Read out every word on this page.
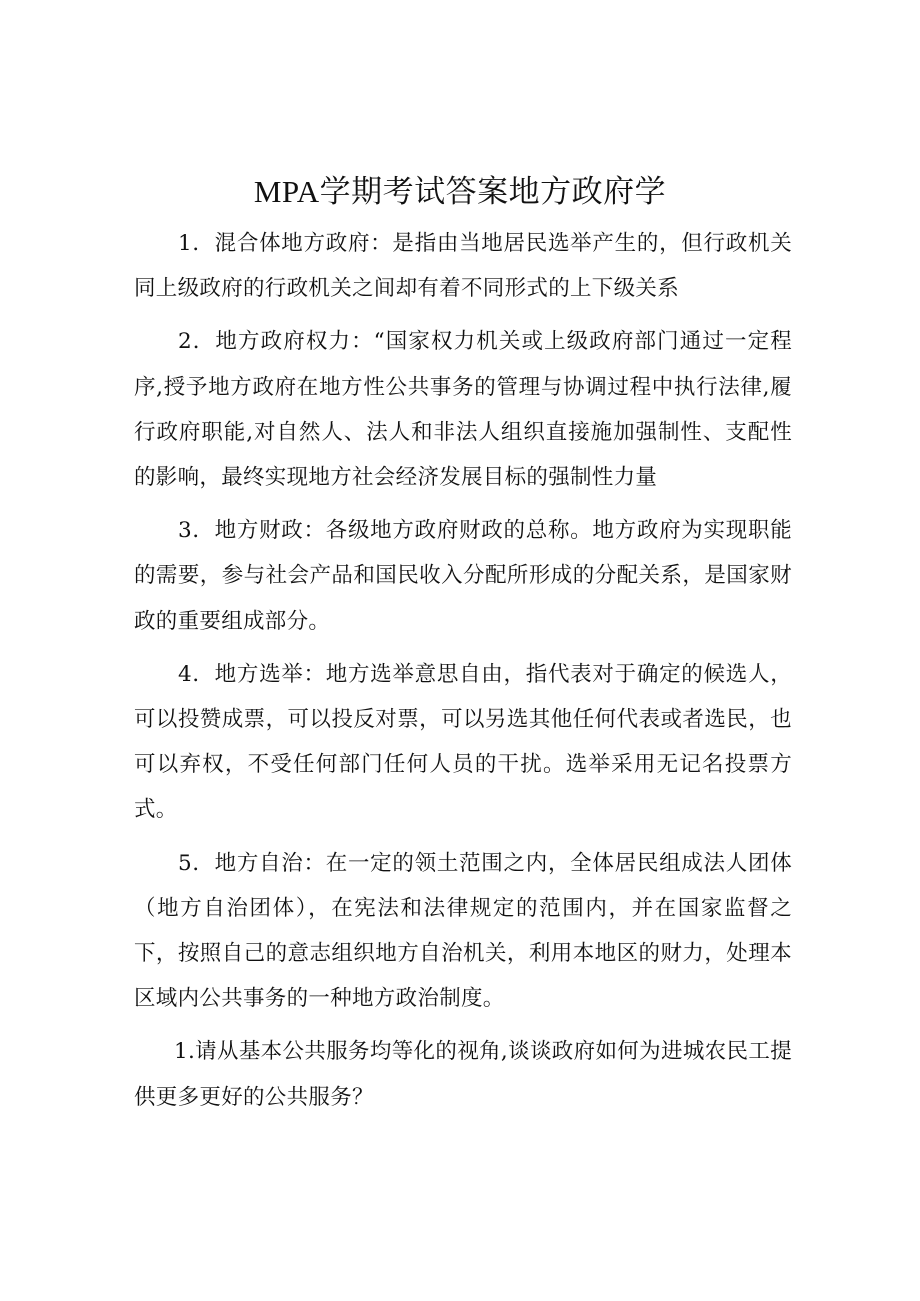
MPA学期考试答案地方政府学

1．混合体地方政府：是指由当地居民选举产生的，但行政机关同上级政府的行政机关之间却有着不同形式的上下级关系

2．地方政府权力：“国家权力机关或上级政府部门通过一定程序,授予地方政府在地方性公共事务的管理与协调过程中执行法律,履行政府职能,对自然人、法人和非法人组织直接施加强制性、支配性的影响，最终实现地方社会经济发展目标的强制性力量

3．地方财政：各级地方政府财政的总称。地方政府为实现职能的需要，参与社会产品和国民收入分配所形成的分配关系，是国家财政的重要组成部分。

4．地方选举：地方选举意思自由，指代表对于确定的候选人，可以投赞成票，可以投反对票，可以另选其他任何代表或者选民，也可以弃权，不受任何部门任何人员的干扰。选举采用无记名投票方式。

5．地方自治：在一定的领土范围之内，全体居民组成法人团体（地方自治团体），在宪法和法律规定的范围内，并在国家监督之下，按照自己的意志组织地方自治机关，利用本地区的财力，处理本区域内公共事务的一种地方政治制度。

1.请从基本公共服务均等化的视角,谈谈政府如何为进城农民工提供更多更好的公共服务？
